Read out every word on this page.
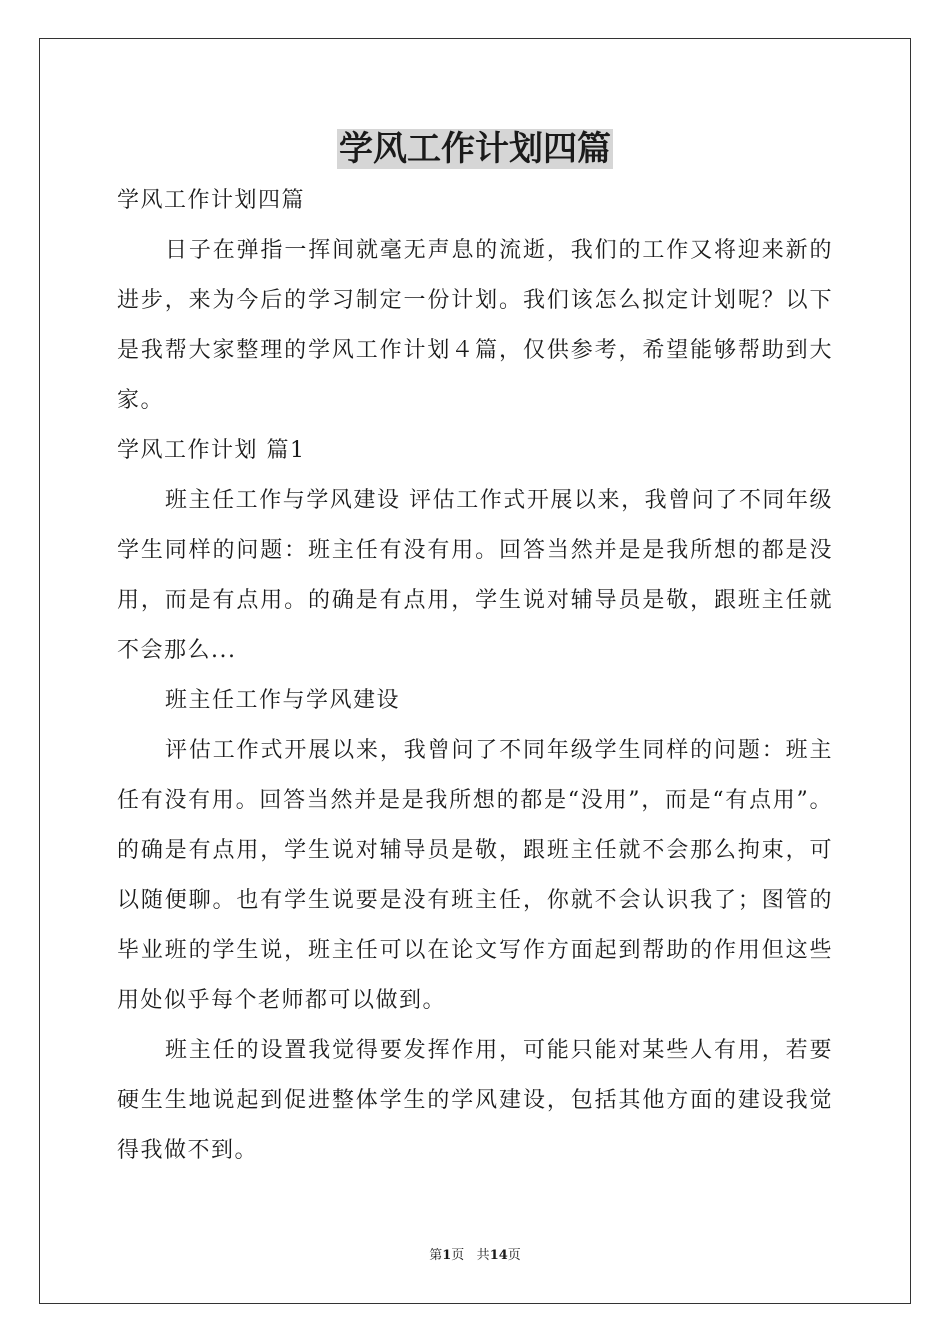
学风工作计划四篇

学风工作计划四篇

日子在弹指一挥间就毫无声息的流逝，我们的工作又将迎来新的进步，来为今后的学习制定一份计划。我们该怎么拟定计划呢？以下是我帮大家整理的学风工作计划４篇，仅供参考，希望能够帮助到大家。

学风工作计划 篇1

班主任工作与学风建设 评估工作式开展以来，我曾问了不同年级学生同样的问题：班主任有没有用。回答当然并是是我所想的都是没用，而是有点用。的确是有点用，学生说对辅导员是敬，跟班主任就不会那么...

班主任工作与学风建设

评估工作式开展以来，我曾问了不同年级学生同样的问题：班主任有没有用。回答当然并是是我所想的都是“没用”，而是“有点用”。的确是有点用，学生说对辅导员是敬，跟班主任就不会那么拘束，可以随便聊。也有学生说要是没有班主任，你就不会认识我了；图管的毕业班的学生说，班主任可以在论文写作方面起到帮助的作用但这些用处似乎每个老师都可以做到。

班主任的设置我觉得要发挥作用，可能只能对某些人有用，若要硬生生地说起到促进整体学生的学风建设，包括其他方面的建设我觉得我做不到。

第1页 共14页
